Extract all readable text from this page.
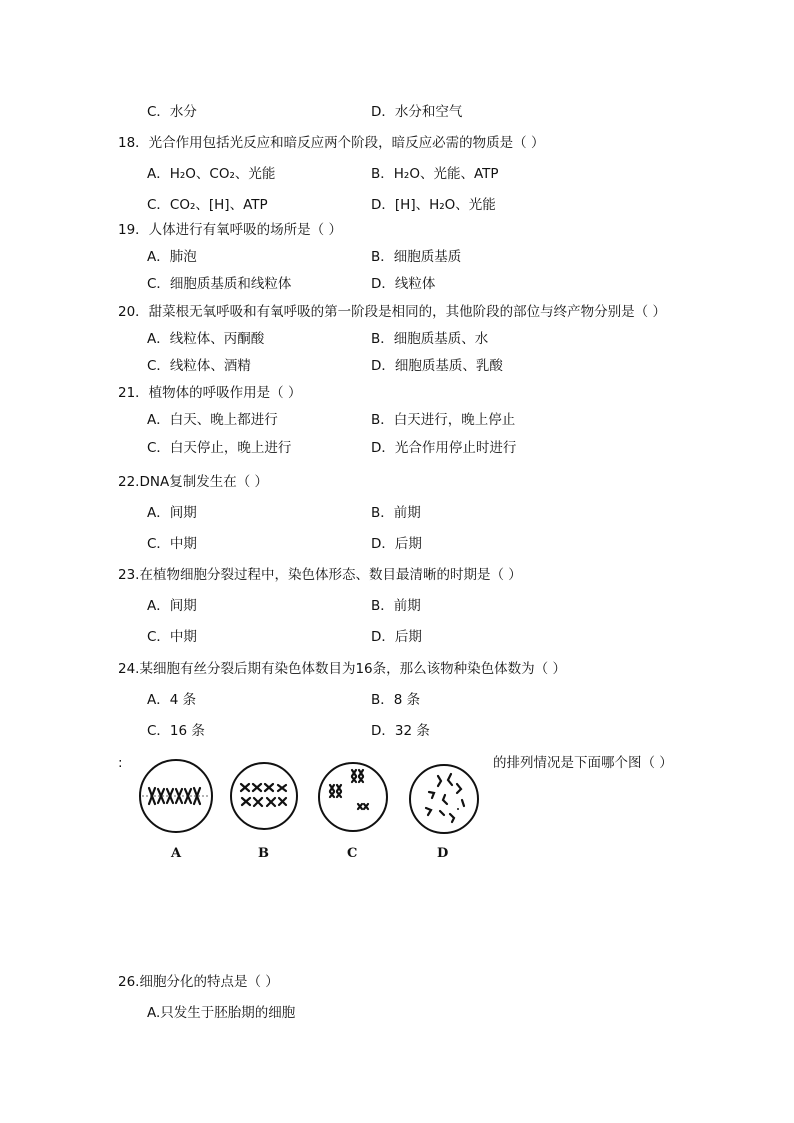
C．水分	D．水分和空气
18．光合作用包括光反应和暗反应两个阶段，暗反应必需的物质是（ ）
A．H₂O、CO₂、光能	B．H₂O、光能、ATP
C．CO₂、[H]、ATP	D．[H]、H₂O、光能
19．人体进行有氧呼吸的场所是（ ）
A．肺泡	B．细胞质基质
C．细胞质基质和线粒体	D．线粒体
20．甜菜根无氧呼吸和有氧呼吸的第一阶段是相同的，其他阶段的部位与终产物分别是（ ）
A．线粒体、丙酮酸	B．细胞质基质、水
C．线粒体、酒精	D．细胞质基质、乳酸
21．植物体的呼吸作用是（ ）
A．白天、晚上都进行	B．白天进行，晚上停止
C．白天停止，晚上进行	D．光合作用停止时进行
22.DNA复制发生在（ ）
A．间期	B．前期
C．中期	D．后期
23.在植物细胞分裂过程中，染色体形态、数目最清晰的时期是（ ）
A．间期	B．前期
C．中期	D．后期
24.某细胞有丝分裂后期有染色体数目为16条，那么该物种染色体数为（ ）
A．4 条	B．8 条
C．16 条	D．32 条
:	的排列情况是下面哪个图（ ）
A	B	C	D
26.细胞分化的特点是（ ）
A.只发生于胚胎期的细胞
